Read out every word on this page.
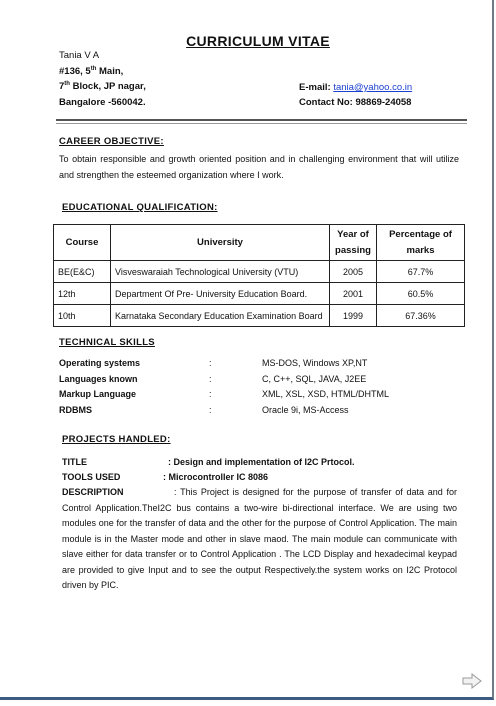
CURRICULUM VITAE
Tania V A
#136, 5th Main,
7th Block, JP nagar,
Bangalore -560042.
E-mail: tania@yahoo.co.in
Contact No: 98869-24058
CAREER OBJECTIVE:
To obtain responsible and growth oriented position and in challenging environment that will utilize and strengthen the esteemed organization where I work.
EDUCATIONAL QUALIFICATION:
Course	University	Year of passing	Percentage of marks
BE(E&C)	Visveswaraiah Technological University (VTU)	2005	67.7%
12th	Department Of Pre- University Education Board.	2001	60.5%
10th	Karnataka Secondary Education Examination Board	1999	67.36%
TECHNICAL SKILLS
Operating systems	:	MS-DOS, Windows XP,NT
Languages known	:	C, C++, SQL, JAVA, J2EE
Markup Language	:	XML, XSL, XSD, HTML/DHTML
RDBMS	:	Oracle 9i, MS-Access
PROJECTS HANDLED:
TITLE	: Design and implementation of I2C Prtocol.
TOOLS USED	: Microcontroller IC 8086
DESCRIPTION	: This Project is designed for the purpose of transfer of data and for Control Application.TheI2C bus contains a two-wire bi-directional interface. We are using two modules one for the transfer of data and the other for the purpose of Control Application. The main module is in the Master mode and other in slave maod. The main module can communicate with slave either for data transfer or to Control Application . The LCD Display and hexadecimal keypad are provided to give Input and to see the output Respectively.the system works on I2C Protocol driven by PIC.
